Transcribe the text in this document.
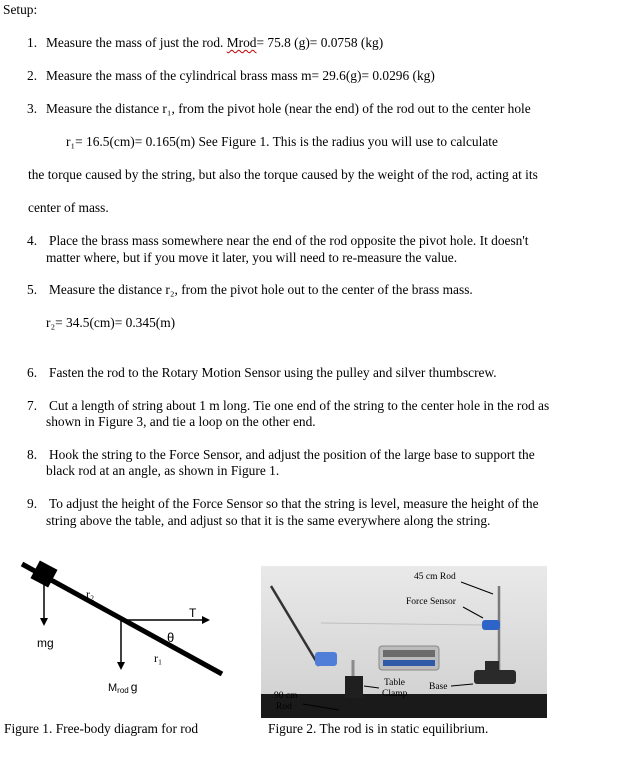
Setup:
1. Measure the mass of just the rod. Mrod= 75.8 (g)= 0.0758 (kg)
2. Measure the mass of the cylindrical brass mass m= 29.6(g)= 0.0296 (kg)
3. Measure the distance r₁, from the pivot hole (near the end) of the rod out to the center hole
r₁= 16.5(cm)= 0.165(m) See Figure 1. This is the radius you will use to calculate
the torque caused by the string, but also the torque caused by the weight of the rod, acting at its
center of mass.
4. Place the brass mass somewhere near the end of the rod opposite the pivot hole. It doesn't
matter where, but if you move it later, you will need to re-measure the value.
5. Measure the distance r₂, from the pivot hole out to the center of the brass mass.
r₂= 34.5(cm)= 0.345(m)
6. Fasten the rod to the Rotary Motion Sensor using the pulley and silver thumbscrew.
7. Cut a length of string about 1 m long. Tie one end of the string to the center hole in the rod as
shown in Figure 3, and tie a loop on the other end.
8. Hook the string to the Force Sensor, and adjust the position of the large base to support the
black rod at an angle, as shown in Figure 1.
9. To adjust the height of the Force Sensor so that the string is level, measure the height of the
string above the table, and adjust so that it is the same everywhere along the string.
r₂
r₁
T
θ
mg
Mrod g
Figure 1. Free-body diagram for rod
45 cm Rod
Force Sensor
Table
Clamp
Base
90 cm
Rod
Figure 2. The rod is in static equilibrium.
